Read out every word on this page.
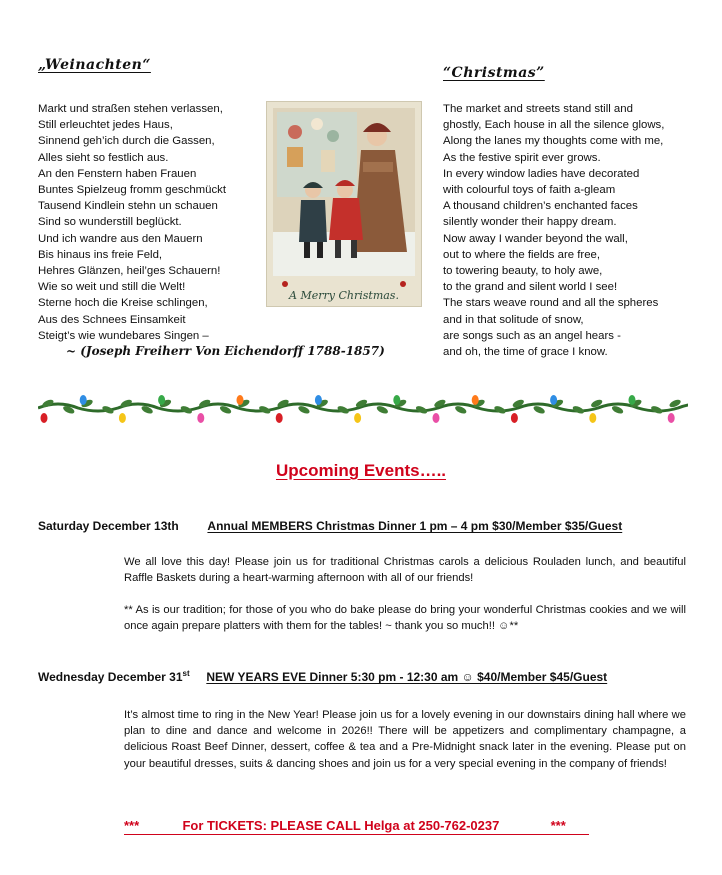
„Weinachten“
Markt und straßen stehen verlassen,
Still erleuchtet jedes Haus,
Sinnend geh’ich durch die Gassen,
Alles sieht so festlich aus.
An den Fenstern haben Frauen
Buntes Spielzeug fromm geschmückt
Tausend Kindlein stehn un schauen
Sind so wunderstill beglückt.
Und ich wandre aus den Mauern
Bis hinaus ins freie Feld,
Hehres Glänzen, heil’ges Schauern!
Wie so weit und still die Welt!
Sterne hoch die Kreise schlingen,
Aus des Schnees Einsamkeit
Steigt’s wie wundebares Singen –
~ (Joseph Freiherr Von Eichendorff 1788-1857)
A Merry Christmas.
“Christmas”
The market and streets stand still and
ghostly, Each house in all the silence glows,
Along the lanes my thoughts come with me,
As the festive spirit ever grows.
In every window ladies have decorated
with colourful toys of faith a-gleam
A thousand children’s enchanted faces
silently wonder their happy dream.
Now away I wander beyond the wall,
out to where the fields are free,
to towering beauty, to holy awe,
to the grand and silent world I see!
The stars weave round and all the spheres
and in that solitude of snow,
are songs such as an angel hears -
and oh, the time of grace I know.
Upcoming Events…..
Saturday December 13th Annual MEMBERS Christmas Dinner 1 pm – 4 pm $30/Member $35/Guest
We all love this day! Please join us for traditional Christmas carols a delicious Rouladen lunch, and beautiful Raffle Baskets during a heart-warming afternoon with all of our friends!
** As is our tradition; for those of you who do bake please do bring your wonderful Christmas cookies and we will once again prepare platters with them for the tables! ~ thank you so much!! ☺**
Wednesday December 31st NEW YEARS EVE Dinner 5:30 pm - 12:30 am ☺ $40/Member $45/Guest
It’s almost time to ring in the New Year! Please join us for a lovely evening in our downstairs dining hall where we plan to dine and dance and welcome in 2026!! There will be appetizers and complimentary champagne, a delicious Roast Beef Dinner, dessert, coffee & tea and a Pre-Midnight snack later in the evening. Please put on your beautiful dresses, suits & dancing shoes and join us for a very special evening in the company of friends!
***	For TICKETS: PLEASE CALL Helga at 250-762-0237	***
